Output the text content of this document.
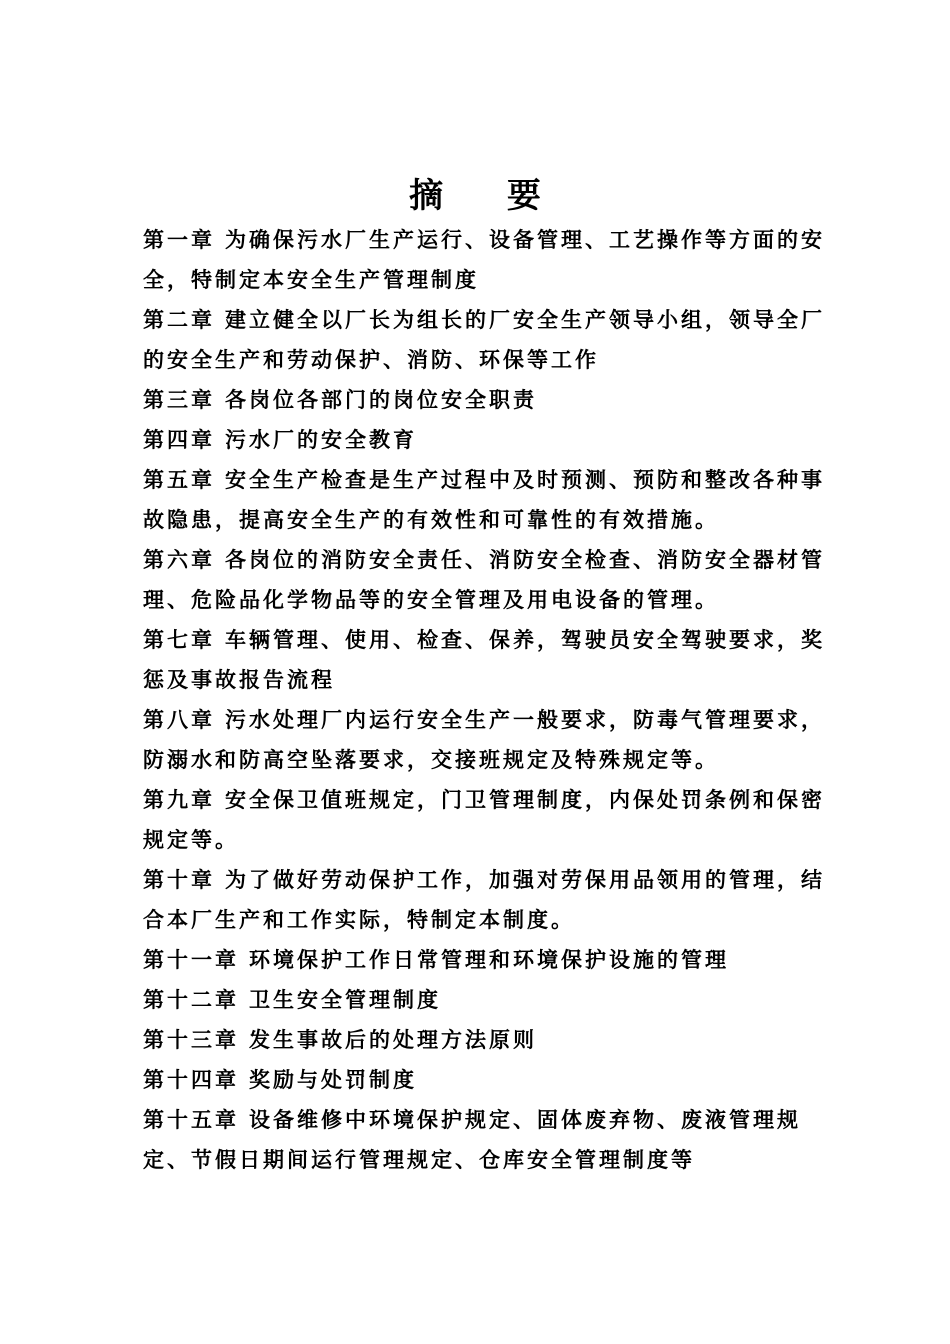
摘 要

第一章 为确保污水厂生产运行、设备管理、工艺操作等方面的安全，特制定本安全生产管理制度

第二章 建立健全以厂长为组长的厂安全生产领导小组，领导全厂的安全生产和劳动保护、消防、环保等工作

第三章 各岗位各部门的岗位安全职责

第四章 污水厂的安全教育

第五章 安全生产检查是生产过程中及时预测、预防和整改各种事故隐患，提高安全生产的有效性和可靠性的有效措施。

第六章 各岗位的消防安全责任、消防安全检查、消防安全器材管理、危险品化学物品等的安全管理及用电设备的管理。

第七章 车辆管理、使用、检查、保养，驾驶员安全驾驶要求，奖惩及事故报告流程

第八章 污水处理厂内运行安全生产一般要求，防毒气管理要求，防溺水和防高空坠落要求，交接班规定及特殊规定等。

第九章 安全保卫值班规定，门卫管理制度，内保处罚条例和保密规定等。

第十章 为了做好劳动保护工作，加强对劳保用品领用的管理，结合本厂生产和工作实际，特制定本制度。

第十一章 环境保护工作日常管理和环境保护设施的管理

第十二章 卫生安全管理制度

第十三章 发生事故后的处理方法原则

第十四章 奖励与处罚制度

第十五章 设备维修中环境保护规定、固体废弃物、废液管理规定、节假日期间运行管理规定、仓库安全管理制度等
